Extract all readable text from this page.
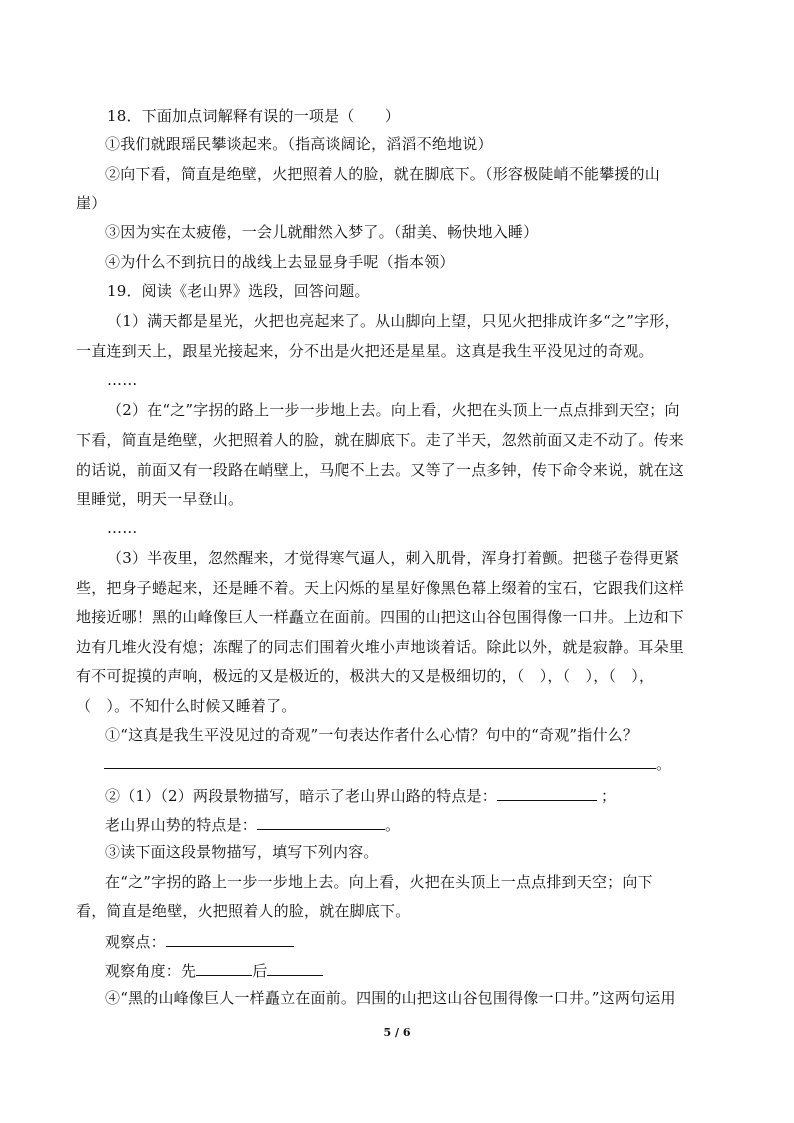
18．下面加点词解释有误的一项是（　　）
①我们就跟瑶民攀谈起来。（指高谈阔论，滔滔不绝地说）
②向下看，简直是绝壁，火把照着人的脸，就在脚底下。（形容极陡峭不能攀援的山
崖）
③因为实在太疲倦，一会儿就酣然入梦了。（甜美、畅快地入睡）
④为什么不到抗日的战线上去显显身手呢（指本领）
19．阅读《老山界》选段，回答问题。
（1）满天都是星光，火把也亮起来了。从山脚向上望，只见火把排成许多“之”字形，
一直连到天上，跟星光接起来，分不出是火把还是星星。这真是我生平没见过的奇观。
……
（2）在“之”字拐的路上一步一步地上去。向上看，火把在头顶上一点点排到天空；向
下看，简直是绝壁，火把照着人的脸，就在脚底下。走了半天，忽然前面又走不动了。传来
的话说，前面又有一段路在峭壁上，马爬不上去。又等了一点多钟，传下命令来说，就在这
里睡觉，明天一早登山。
……
（3）半夜里，忽然醒来，才觉得寒气逼人，刺入肌骨，浑身打着颤。把毯子卷得更紧
些，把身子蜷起来，还是睡不着。天上闪烁的星星好像黑色幕上缀着的宝石，它跟我们这样
地接近哪！黑的山峰像巨人一样矗立在面前。四围的山把这山谷包围得像一口井。上边和下
边有几堆火没有熄；冻醒了的同志们围着火堆小声地谈着话。除此以外，就是寂静。耳朵里
有不可捉摸的声响，极远的又是极近的，极洪大的又是极细切的，（　），（　），（　），
（　）。不知什么时候又睡着了。
①“这真是我生平没见过的奇观”一句表达作者什么心情？句中的“奇观”指什么？
。
②（1）（2）两段景物描写，暗示了老山界山路的特点是：	；
老山界山势的特点是：	。
③读下面这段景物描写，填写下列内容。
在“之”字拐的路上一步一步地上去。向上看，火把在头顶上一点点排到天空；向下
看，简直是绝壁，火把照着人的脸，就在脚底下。
观察点：
观察角度：先	后
④“黑的山峰像巨人一样矗立在面前。四围的山把这山谷包围得像一口井。”这两句运用
5 / 6
